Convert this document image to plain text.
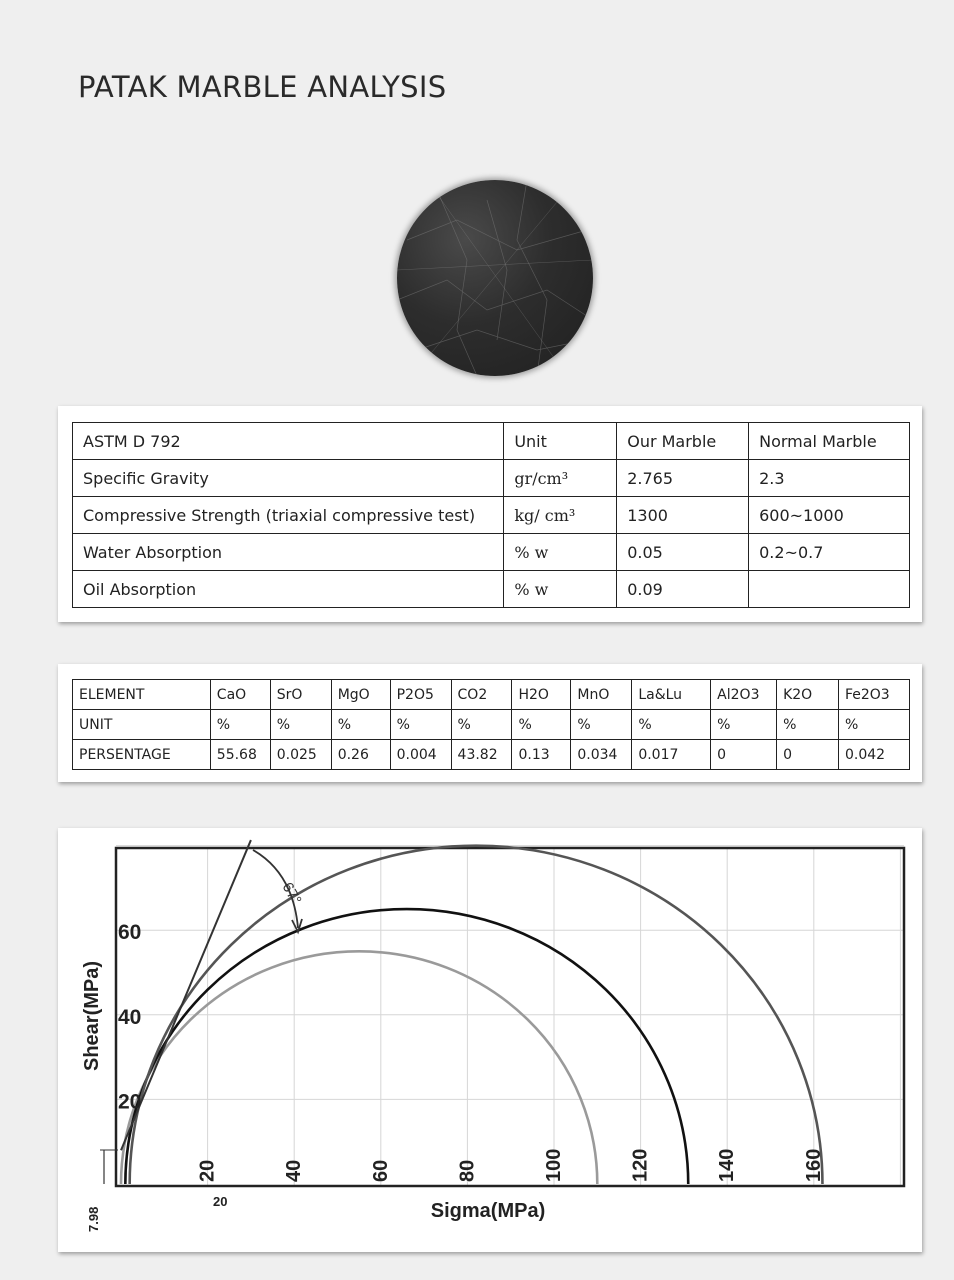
PATAK MARBLE ANALYSIS
ASTM D 792	Unit	Our Marble	Normal Marble
Specific Gravity	gr/cm³	2.765	2.3
Compressive Strength (triaxial compressive test)	kg/ cm³	1300	600~1000
Water Absorption	% w	0.05	0.2~0.7
Oil Absorption	% w	0.09	
ELEMENT	CaO	SrO	MgO	P2O5	CO2	H2O	MnO	La&Lu	Al2O3	K2O	Fe2O3
UNIT	%	%	%	%	%	%	%	%	%	%	%
PERSENTAGE	55.68	0.025	0.26	0.004	43.82	0.13	0.034	0.017	0	0	0.042
67°
20	40	60	80	100	120	140	160
20
40
60
7.98
20	Sigma(MPa)
Shear(MPa)
